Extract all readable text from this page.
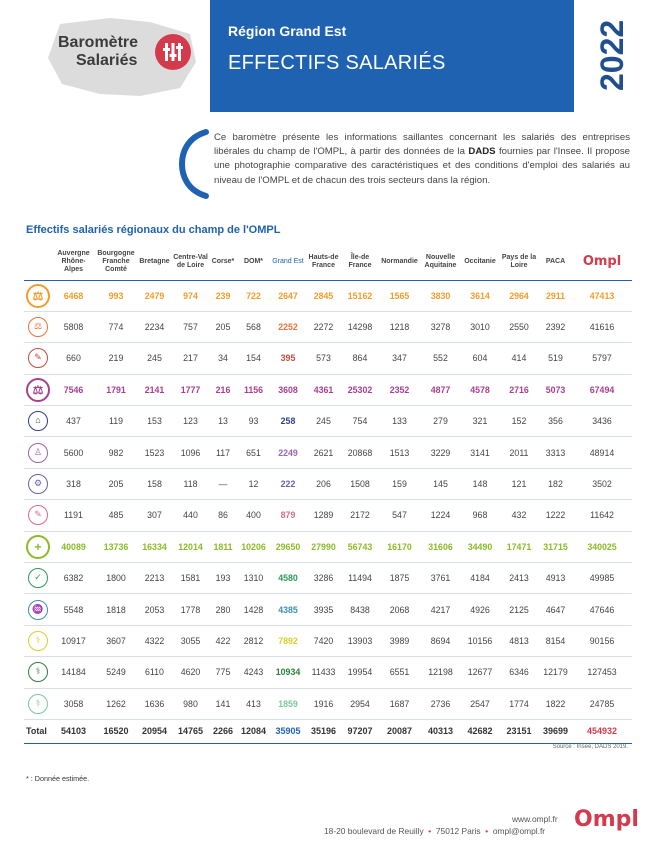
Baromètre
Salariés
Région Grand Est
EFFECTIFS SALARIÉS	2022
Ce baromètre présente les informations saillantes concernant les salariés des entreprises libérales du champ de l'OMPL, à partir des données de la DADS fournies par l'Insee. Il propose une photographie comparative des caractéristiques et des conditions d'emploi des salariés au niveau de l'OMPL et de chacun des trois secteurs dans la région.
Effectifs salariés régionaux du champ de l'OMPL
	Auvergne Rhône-Alpes	Bourgogne Franche Comté	Bretagne	Centre-Val de Loire	Corse*	DOM*	Grand Est	Hauts-de France	Île-de France	Normandie	Nouvelle Aquitaine	Occitanie	Pays de la Loire	PACA	Ompl

⚖	6468	993	2479	974	239	722	2647	2845	15162	1565	3830	3614	2964	2911	47413

⚖	5808	774	2234	757	205	568	2252	2272	14298	1218	3278	3010	2550	2392	41616

✎	660	219	245	217	34	154	395	573	864	347	552	604	414	519	5797

⚖	7546	1791	2141	1777	216	1156	3608	4361	25302	2352	4877	4578	2716	5073	67494

⌂	437	119	153	123	13	93	258	245	754	133	279	321	152	356	3436

♙	5600	982	1523	1096	117	651	2249	2621	20868	1513	3229	3141	2011	3313	48914

⚙	318	205	158	118	—	12	222	206	1508	159	145	148	121	182	3502

✎	1191	485	307	440	86	400	879	1289	2172	547	1224	968	432	1222	11642

+	40089	13736	16334	12014	1811	10206	29650	27990	56743	16170	31606	34490	17471	31715	340025

✓	6382	1800	2213	1581	193	1310	4580	3286	11494	1875	3761	4184	2413	4913	49985

♒	5548	1818	2053	1778	280	1428	4385	3935	8438	2068	4217	4926	2125	4647	47646

⚕	10917	3607	4322	3055	422	2812	7892	7420	13903	3989	8694	10156	4813	8154	90156

⚕	14184	5249	6110	4620	775	4243	10934	11433	19954	6551	12198	12677	6346	12179	127453

⚕	3058	1262	1636	980	141	413	1859	1916	2954	1687	2736	2547	1774	1822	24785
Total	54103	16520	20954	14765	2266	12084	35905	35196	97207	20087	40313	42682	23151	39699	454932
Source : Insee, DADS 2019.
* : Donnée estimée.
www.ompl.fr
18-20 boulevard de Reuilly  •  75012 Paris  •  ompl@ompl.fr Ompl
